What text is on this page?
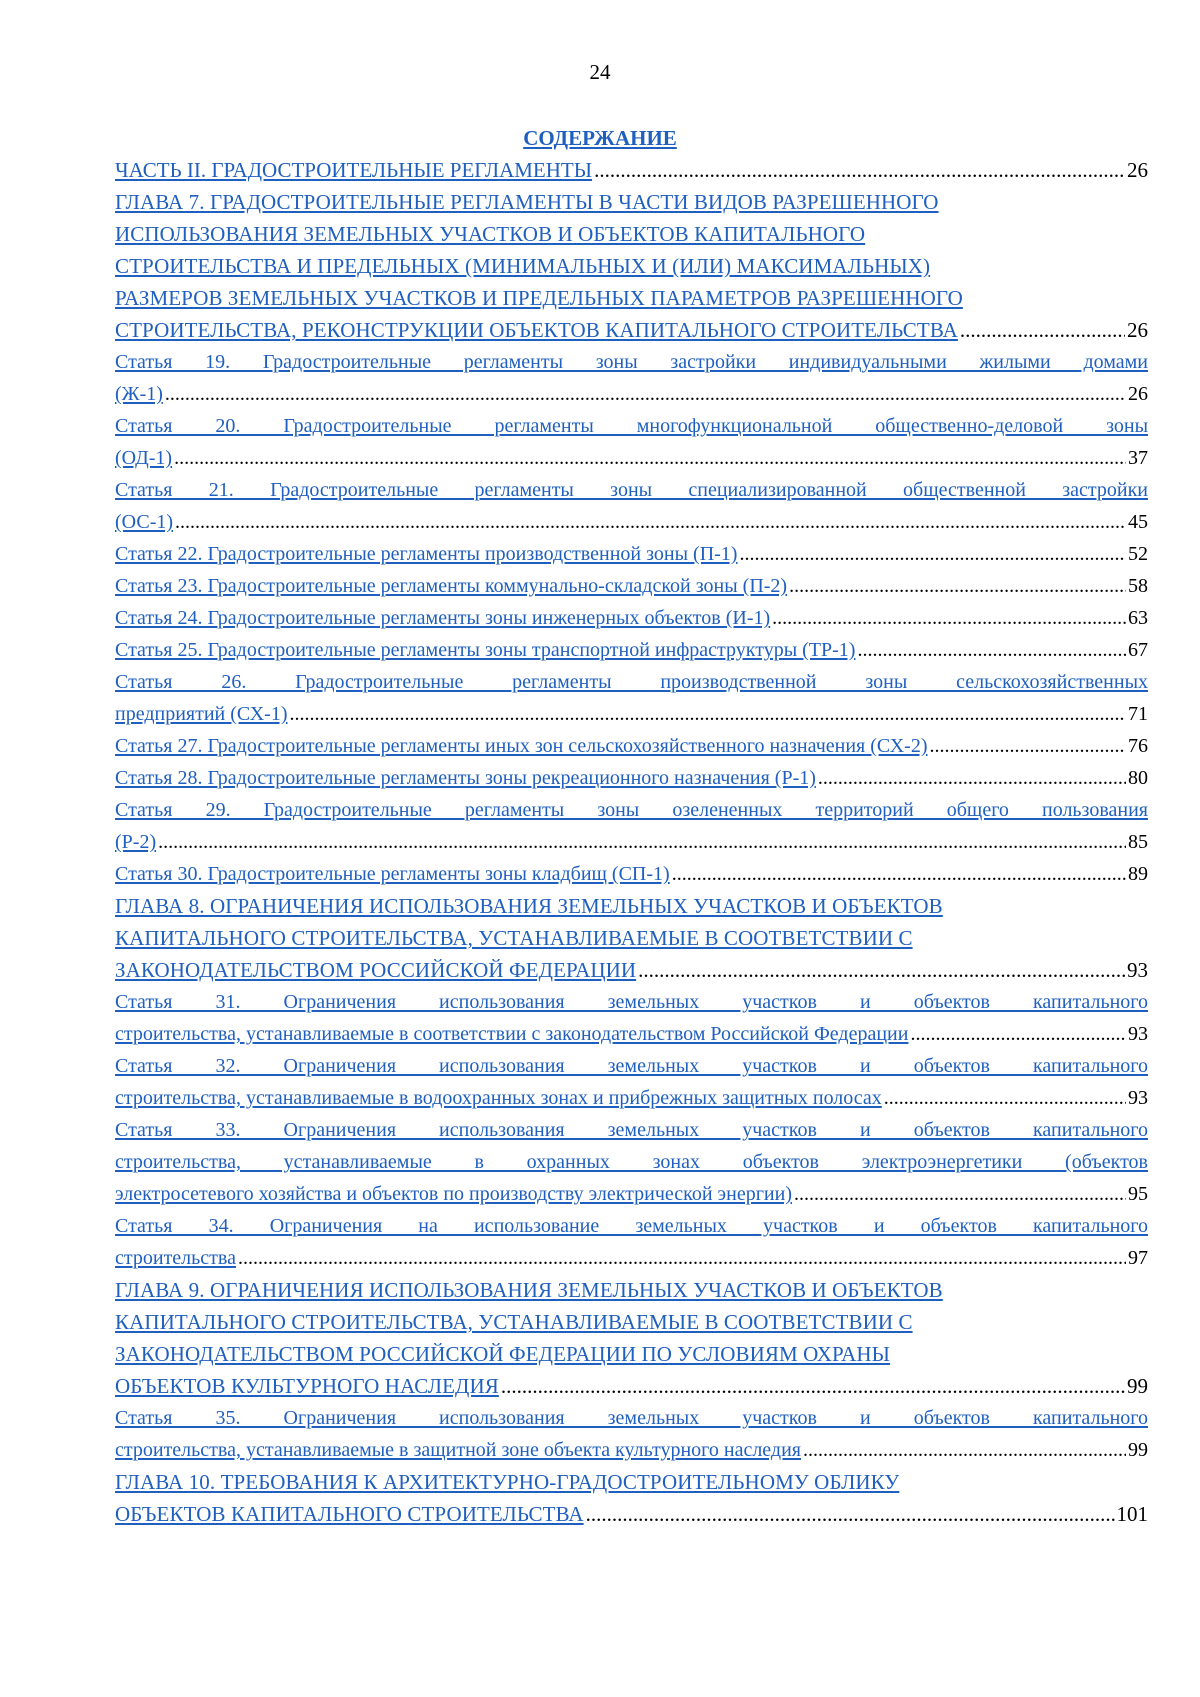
24
СОДЕРЖАНИЕ
ЧАСТЬ II. ГРАДОСТРОИТЕЛЬНЫЕ РЕГЛАМЕНТЫ .....	26
ГЛАВА 7. ГРАДОСТРОИТЕЛЬНЫЕ РЕГЛАМЕНТЫ В ЧАСТИ ВИДОВ РАЗРЕШЕННОГО
ИСПОЛЬЗОВАНИЯ ЗЕМЕЛЬНЫХ УЧАСТКОВ И ОБЪЕКТОВ КАПИТАЛЬНОГО
СТРОИТЕЛЬСТВА И ПРЕДЕЛЬНЫХ (МИНИМАЛЬНЫХ И (ИЛИ) МАКСИМАЛЬНЫХ)
РАЗМЕРОВ ЗЕМЕЛЬНЫХ УЧАСТКОВ И ПРЕДЕЛЬНЫХ ПАРАМЕТРОВ РАЗРЕШЕННОГО
СТРОИТЕЛЬСТВА, РЕКОНСТРУКЦИИ ОБЪЕКТОВ КАПИТАЛЬНОГО СТРОИТЕЛЬСТВА .....	26
Статья 19. Градостроительные регламенты зоны застройки индивидуальными жилыми домами
(Ж-1) .....	26
Статья 20. Градостроительные регламенты многофункциональной общественно-деловой зоны
(ОД-1) .....	37
Статья 21. Градостроительные регламенты зоны специализированной общественной застройки
(ОС-1) .....	45
Статья 22. Градостроительные регламенты производственной зоны (П-1) .....	52
Статья 23. Градостроительные регламенты коммунально-складской зоны (П-2) .....	58
Статья 24. Градостроительные регламенты зоны инженерных объектов (И-1) .....	63
Статья 25. Градостроительные регламенты зоны транспортной инфраструктуры (ТР-1) .....	67
Статья 26. Градостроительные регламенты производственной зоны сельскохозяйственных
предприятий (СХ-1) .....	71
Статья 27. Градостроительные регламенты иных зон сельскохозяйственного назначения (СХ-2) .....	76
Статья 28. Градостроительные регламенты зоны рекреационного назначения (Р-1) .....	80
Статья 29. Градостроительные регламенты зоны озелененных территорий общего пользования
(Р-2) .....	85
Статья 30. Градостроительные регламенты зоны кладбищ (СП-1) .....	89
ГЛАВА 8. ОГРАНИЧЕНИЯ ИСПОЛЬЗОВАНИЯ ЗЕМЕЛЬНЫХ УЧАСТКОВ И ОБЪЕКТОВ
КАПИТАЛЬНОГО СТРОИТЕЛЬСТВА, УСТАНАВЛИВАЕМЫЕ В СООТВЕТСТВИИ С
ЗАКОНОДАТЕЛЬСТВОМ РОССИЙСКОЙ ФЕДЕРАЦИИ .....	93
Статья 31. Ограничения использования земельных участков и объектов капитального
строительства, устанавливаемые в соответствии с законодательством Российской Федерации .....	93
Статья 32. Ограничения использования земельных участков и объектов капитального
строительства, устанавливаемые в водоохранных зонах и прибрежных защитных полосах .....	93
Статья 33. Ограничения использования земельных участков и объектов капитального
строительства, устанавливаемые в охранных зонах объектов электроэнергетики (объектов
электросетевого хозяйства и объектов по производству электрической энергии) .....	95
Статья 34. Ограничения на использование земельных участков и объектов капитального
строительства .....	97
ГЛАВА 9. ОГРАНИЧЕНИЯ ИСПОЛЬЗОВАНИЯ ЗЕМЕЛЬНЫХ УЧАСТКОВ И ОБЪЕКТОВ
КАПИТАЛЬНОГО СТРОИТЕЛЬСТВА, УСТАНАВЛИВАЕМЫЕ В СООТВЕТСТВИИ С
ЗАКОНОДАТЕЛЬСТВОМ РОССИЙСКОЙ ФЕДЕРАЦИИ ПО УСЛОВИЯМ ОХРАНЫ
ОБЪЕКТОВ КУЛЬТУРНОГО НАСЛЕДИЯ .....	99
Статья 35. Ограничения использования земельных участков и объектов капитального
строительства, устанавливаемые в защитной зоне объекта культурного наследия .....	99
ГЛАВА 10. ТРЕБОВАНИЯ К АРХИТЕКТУРНО-ГРАДОСТРОИТЕЛЬНОМУ ОБЛИКУ
ОБЪЕКТОВ КАПИТАЛЬНОГО СТРОИТЕЛЬСТВА .....	101
